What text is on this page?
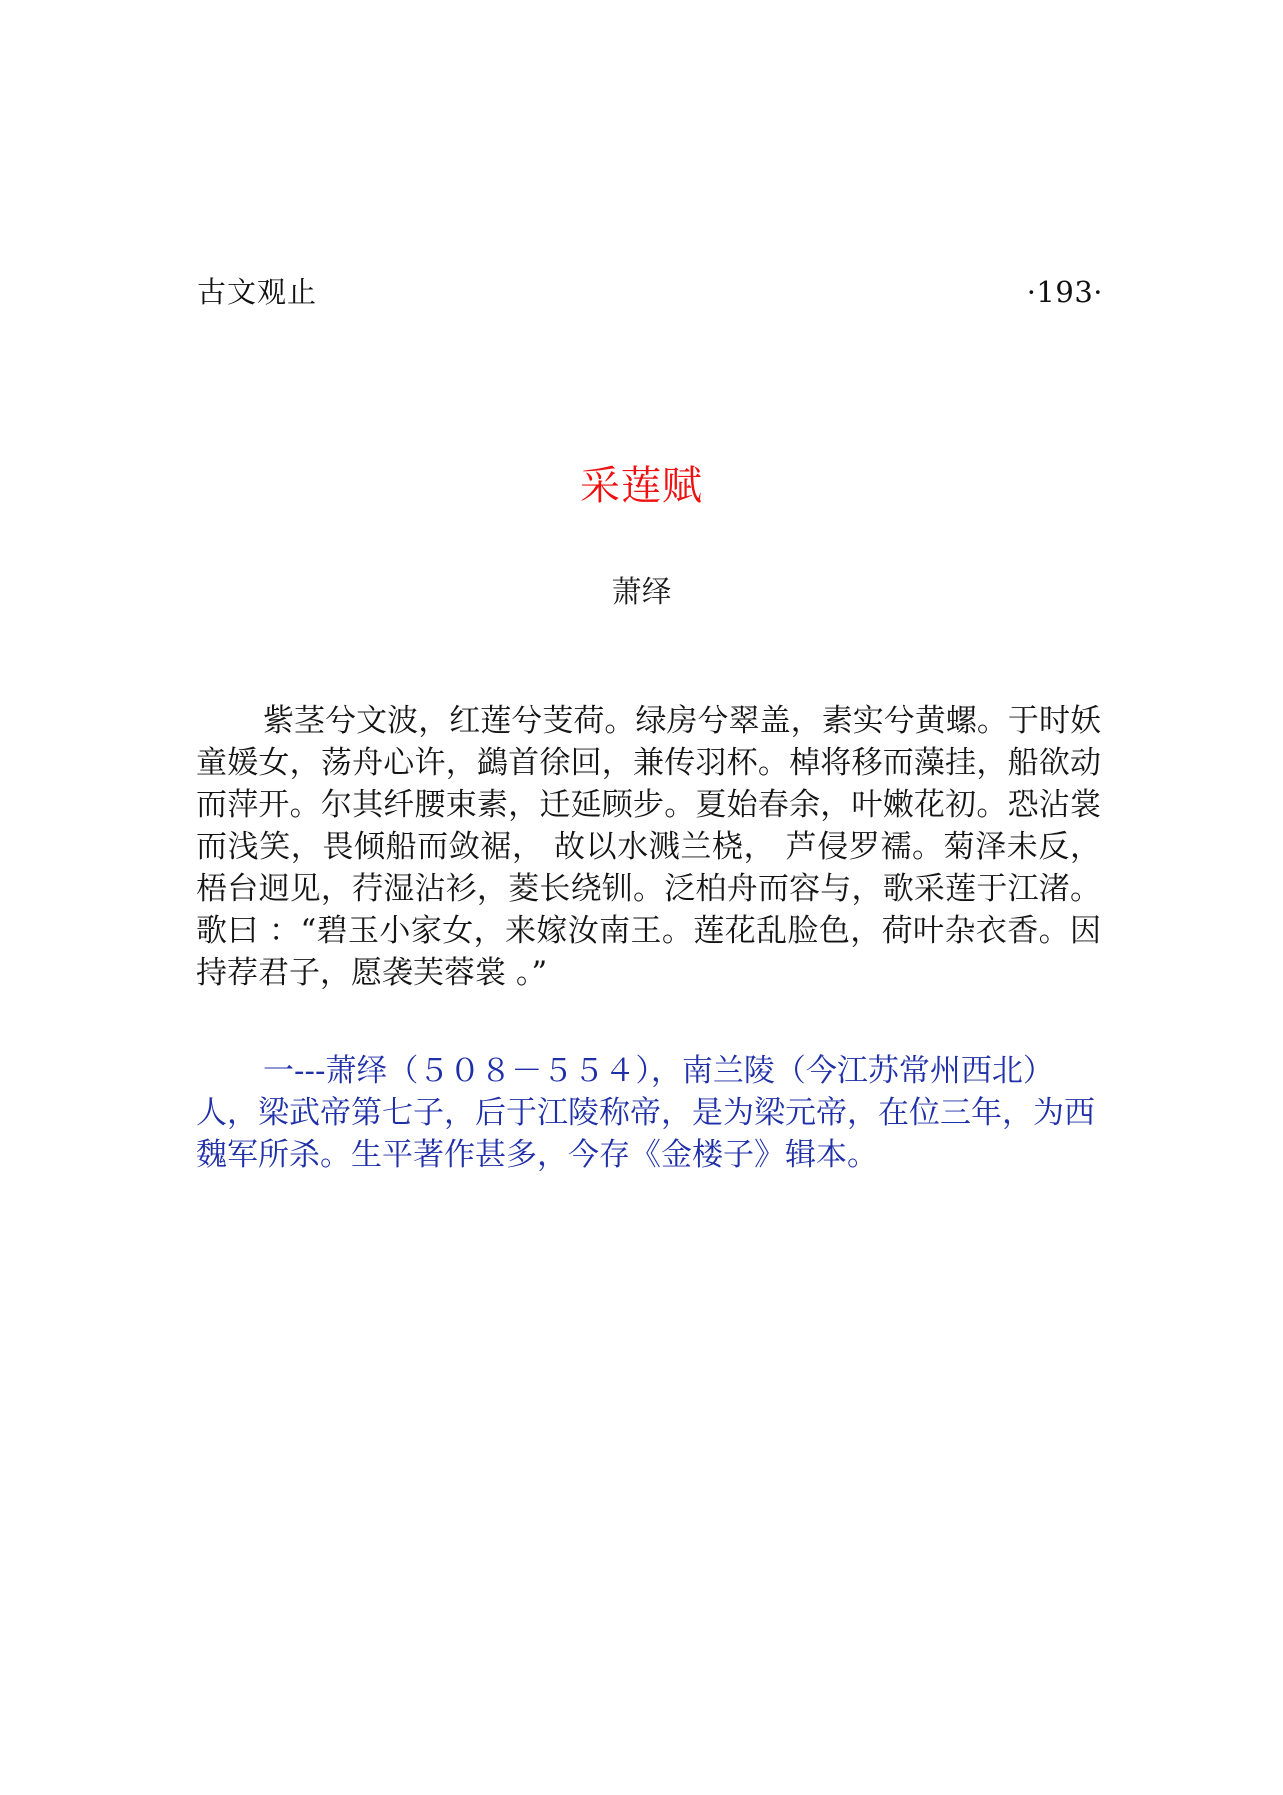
古文观止	·193·
采莲赋
萧绎

紫茎兮文波，红莲兮芰荷。绿房兮翠盖，素实兮黄螺。于时妖童媛女，荡舟心许，鷁首徐回，兼传羽杯。棹将移而藻挂，船欲动而萍开。尔其纤腰束素，迁延顾步。夏始春余，叶嫩花初。恐沾裳而浅笑，畏倾船而敛裾， 故以水溅兰桡， 芦侵罗襦。菊泽未反，梧台迥见，荇湿沾衫，菱长绕钏。泛柏舟而容与，歌采莲于江渚。歌曰 ：“碧玉小家女，来嫁汝南王。莲花乱脸色，荷叶杂衣香。因持荐君子，愿袭芙蓉裳 。”

一---萧绎（５０８－５５４），南兰陵（今江苏常州西北）人，梁武帝第七子，后于江陵称帝，是为梁元帝，在位三年，为西魏军所杀。生平著作甚多，今存《金楼子》辑本。
